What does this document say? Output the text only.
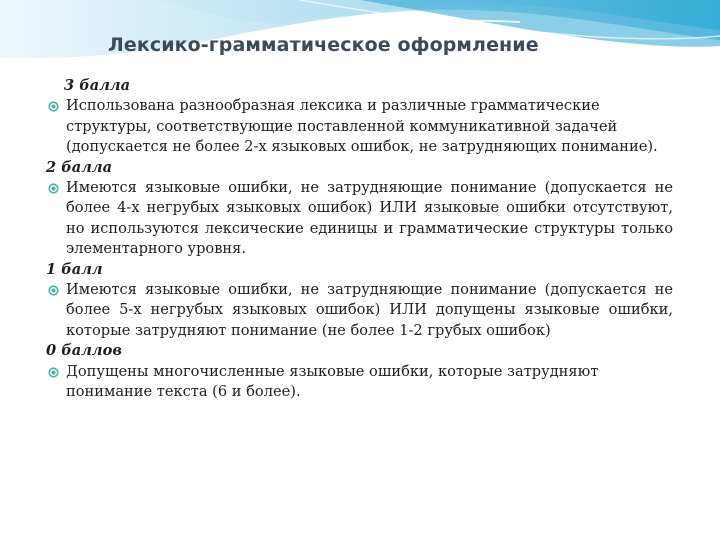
Лексико-грамматическое оформление
3 балла
Использована разнообразная лексика и различные грамматические структуры, соответствующие поставленной коммуникативной задачей (допускается не более 2-х языковых ошибок, не затрудняющих понимание).
2 балла
Имеются языковые ошибки, не затрудняющие понимание (допускается не более 4-х негрубых языковых ошибок) ИЛИ языковые ошибки отсутствуют, но используются лексические единицы и грамматические структуры только элементарного уровня.
1 балл
Имеются языковые ошибки, не затрудняющие понимание (допускается не более 5-х негрубых языковых ошибок) ИЛИ допущены языковые ошибки, которые затрудняют понимание (не более 1-2 грубых ошибок)
0 баллов
Допущены многочисленные языковые ошибки, которые затрудняют понимание текста (6 и более).
